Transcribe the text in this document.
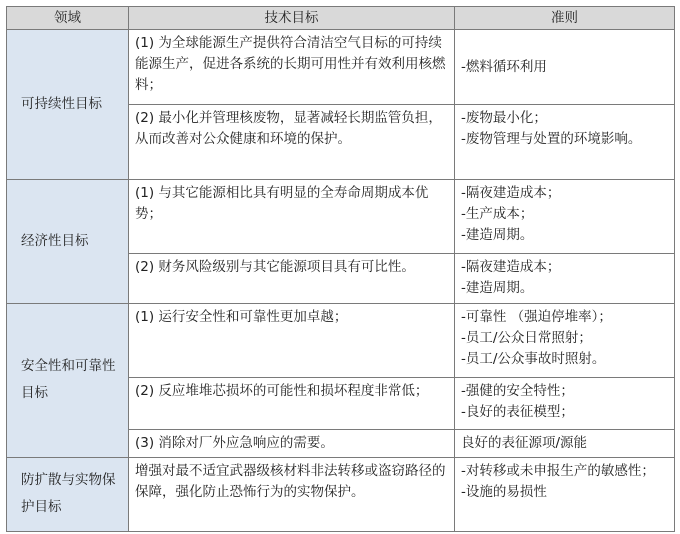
领域	技术目标	准则
可持续性目标	(1) 为全球能源生产提供符合清洁空气目标的可持续能源生产，促进各系统的长期可用性并有效利用核燃料；	-燃料循环利用

	(2) 最小化并管理核废物，显著减轻长期监管负担，从而改善对公众健康和环境的保护。	-废物最小化；
-废物管理与处置的环境影响。

经济性目标	(1) 与其它能源相比具有明显的全寿命周期成本优势；	-隔夜建造成本；
-生产成本；
-建造周期。

	(2) 财务风险级别与其它能源项目具有可比性。	-隔夜建造成本；
-建造周期。

安全性和可靠性目标	(1) 运行安全性和可靠性更加卓越；	-可靠性 （强迫停堆率）；
-员工/公众日常照射；
-员工/公众事故时照射。

	(2) 反应堆堆芯损坏的可能性和损坏程度非常低；	-强健的安全特性；
-良好的表征模型；

	(3) 消除对厂外应急响应的需要。	良好的表征源项/源能

防扩散与实物保护目标	增强对最不适宜武器级核材料非法转移或盗窃路径的保障，强化防止恐怖行为的实物保护。	-对转移或未申报生产的敏感性；
-设施的易损性
